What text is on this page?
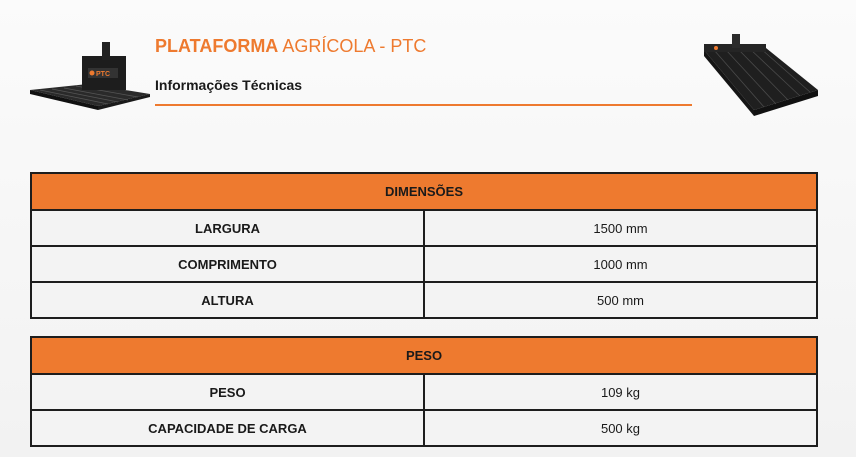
PTC

PLATAFORMA AGRÍCOLA - PTC

Informações Técnicas

DIMENSÕES	
LARGURA	1500 mm
COMPRIMENTO	1000 mm
ALTURA	500 mm
PESO	
PESO	109 kg
CAPACIDADE DE CARGA	500 kg
